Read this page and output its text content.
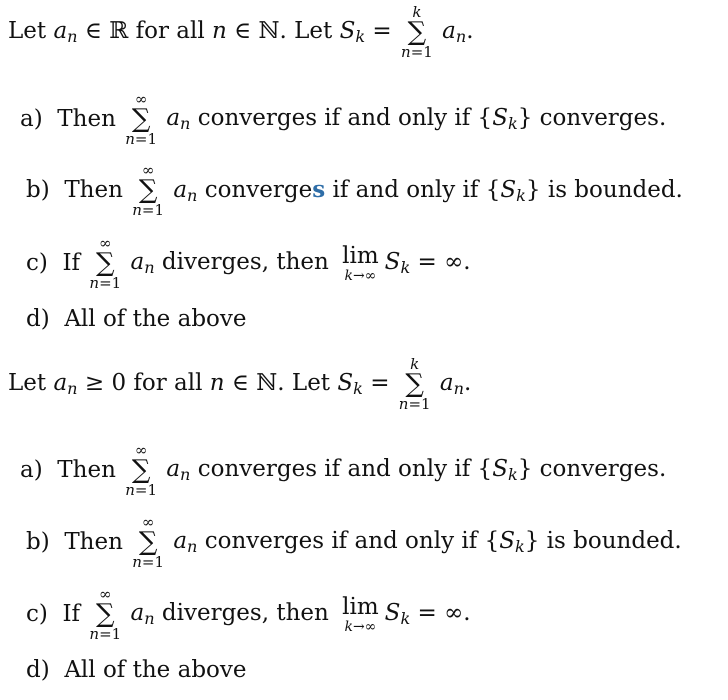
Let $a_n$ ∈ ℝ for all n ∈ ℕ. Let $S_k$ =
k
∑
n=1
$a_n$.
a)  Then
∞
∑
n=1
$a_n$ converges if and only if $\{S_k\}$ converges.
b)  Then
∞
∑
n=1
$a_n$ converges if and only if $\{S_k\}$ is bounded.
c)  If
∞
∑
n=1
$a_n$ diverges, then lim
k→∞
$S_k$ = ∞.
d)  All of the above
Let $a_n \ge 0$ for all n ∈ ℕ. Let $S_k$ =
k
∑
n=1
$a_n$.
a)  Then
∞
∑
n=1
$a_n$ converges if and only if $\{S_k\}$ converges.
b)  Then
∞
∑
n=1
$a_n$ converges if and only if $\{S_k\}$ is bounded.
c)  If
∞
∑
n=1
$a_n$ diverges, then lim
k→∞
$S_k$ = ∞.
d)  All of the above
